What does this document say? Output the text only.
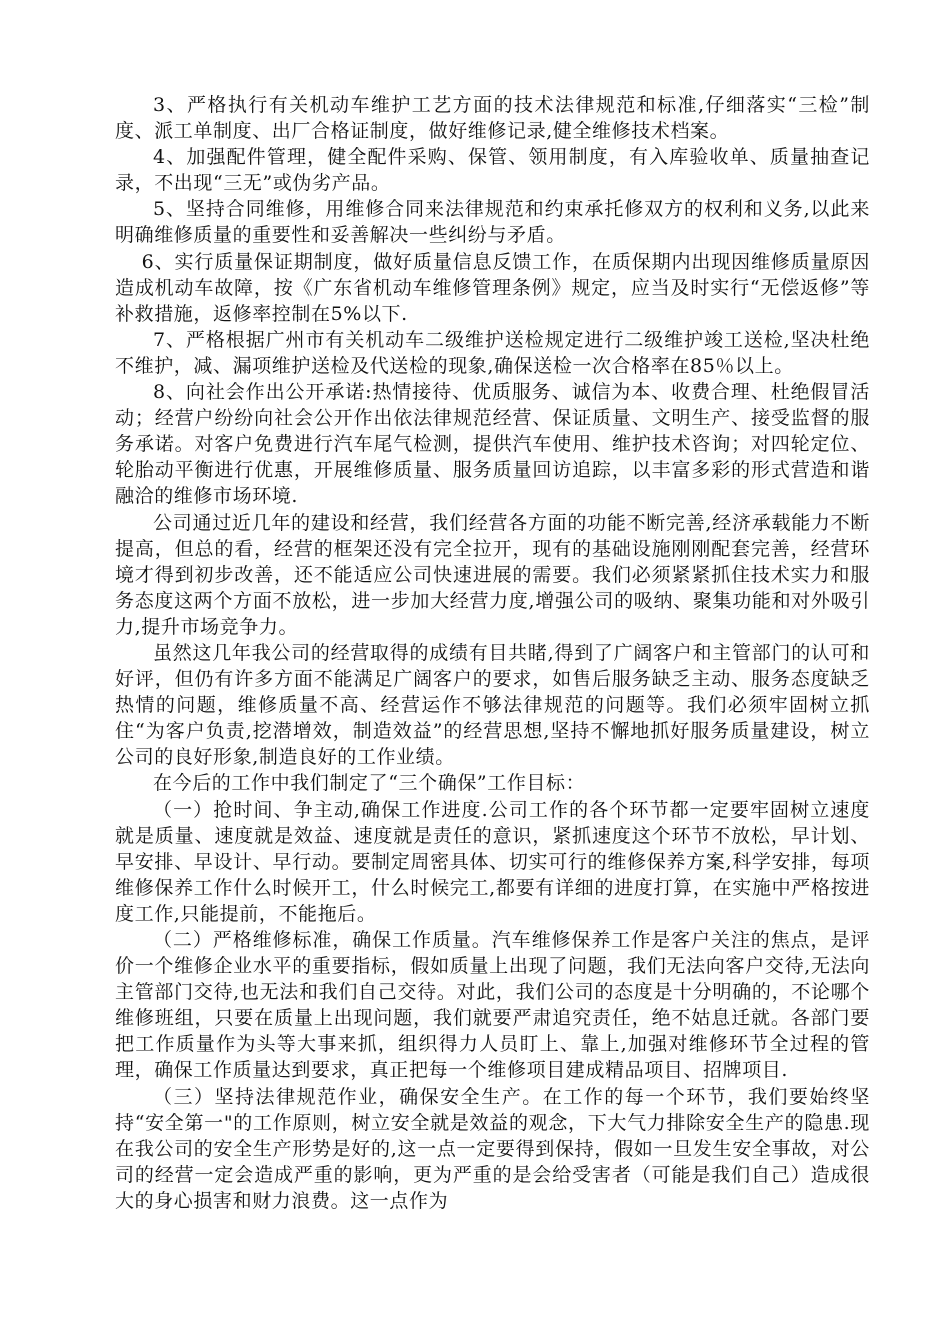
3、严格执行有关机动车维护工艺方面的技术法律规范和标准,仔细落实“三检”制度、派工单制度、出厂合格证制度，做好维修记录,健全维修技术档案。

4、加强配件管理，健全配件采购、保管、领用制度，有入库验收单、质量抽查记录，不出现“三无”或伪劣产品。

5、坚持合同维修，用维修合同来法律规范和约束承托修双方的权利和义务,以此来明确维修质量的重要性和妥善解决一些纠纷与矛盾。

6、实行质量保证期制度，做好质量信息反馈工作，在质保期内出现因维修质量原因造成机动车故障，按《广东省机动车维修管理条例》规定，应当及时实行“无偿返修”等补救措施，返修率控制在5%以下.

7、严格根据广州市有关机动车二级维护送检规定进行二级维护竣工送检,坚决杜绝不维护，减、漏项维护送检及代送检的现象,确保送检一次合格率在85％以上。

8、向社会作出公开承诺:热情接待、优质服务、诚信为本、收费合理、杜绝假冒活动；经营户纷纷向社会公开作出依法律规范经营、保证质量、文明生产、接受监督的服务承诺。对客户免费进行汽车尾气检测，提供汽车使用、维护技术咨询；对四轮定位、轮胎动平衡进行优惠，开展维修质量、服务质量回访追踪，以丰富多彩的形式营造和谐融洽的维修市场环境.

公司通过近几年的建设和经营，我们经营各方面的功能不断完善,经济承载能力不断提高，但总的看，经营的框架还没有完全拉开，现有的基础设施刚刚配套完善，经营环境才得到初步改善，还不能适应公司快速进展的需要。我们必须紧紧抓住技术实力和服务态度这两个方面不放松，进一步加大经营力度,增强公司的吸纳、聚集功能和对外吸引力,提升市场竞争力。

虽然这几年我公司的经营取得的成绩有目共睹,得到了广阔客户和主管部门的认可和好评，但仍有许多方面不能满足广阔客户的要求，如售后服务缺乏主动、服务态度缺乏热情的问题，维修质量不高、经营运作不够法律规范的问题等。我们必须牢固树立抓住“为客户负责,挖潜增效，制造效益”的经营思想,坚持不懈地抓好服务质量建设，树立公司的良好形象,制造良好的工作业绩。

在今后的工作中我们制定了“三个确保”工作目标：

（一）抢时间、争主动,确保工作进度.公司工作的各个环节都一定要牢固树立速度就是质量、速度就是效益、速度就是责任的意识，紧抓速度这个环节不放松，早计划、早安排、早设计、早行动。要制定周密具体、切实可行的维修保养方案,科学安排，每项维修保养工作什么时候开工，什么时候完工,都要有详细的进度打算，在实施中严格按进度工作,只能提前，不能拖后。

（二）严格维修标准，确保工作质量。汽车维修保养工作是客户关注的焦点，是评价一个维修企业水平的重要指标，假如质量上出现了问题，我们无法向客户交待,无法向主管部门交待,也无法和我们自己交待。对此，我们公司的态度是十分明确的，不论哪个维修班组，只要在质量上出现问题，我们就要严肃追究责任，绝不姑息迁就。各部门要把工作质量作为头等大事来抓，组织得力人员盯上、靠上,加强对维修环节全过程的管理，确保工作质量达到要求，真正把每一个维修项目建成精品项目、招牌项目.

（三）坚持法律规范作业，确保安全生产。在工作的每一个环节，我们要始终坚持“安全第一"的工作原则，树立安全就是效益的观念，下大气力排除安全生产的隐患.现在我公司的安全生产形势是好的,这一点一定要得到保持，假如一旦发生安全事故，对公司的经营一定会造成严重的影响，更为严重的是会给受害者（可能是我们自己）造成很大的身心损害和财力浪费。这一点作为
